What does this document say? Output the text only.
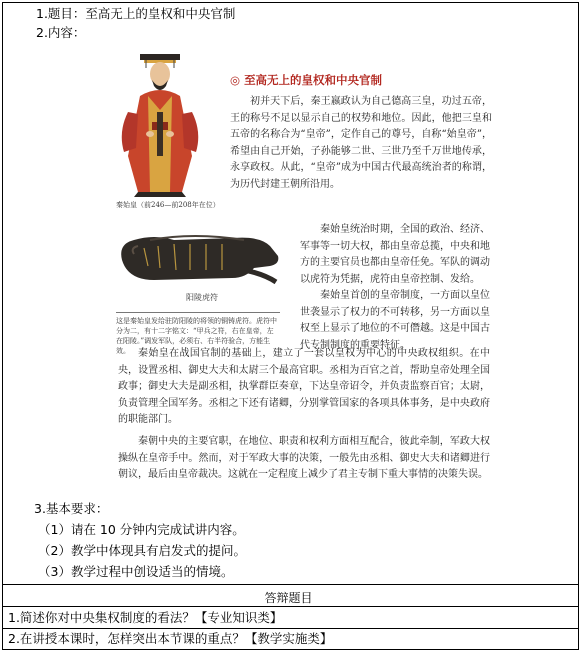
1.题目：至高无上的皇权和中央官制
2.内容：
秦始皇（前246—前208年在位）
◎ 至高无上的皇权和中央官制
初并天下后，秦王嬴政认为自己德高三皇，功过五帝，王的称号不足以显示自己的权势和地位。因此，他把三皇和五帝的名称合为“皇帝”，定作自己的尊号，自称“始皇帝”，希望由自己开始，子孙能够二世、三世乃至千万世地传承，永享政权。从此，“皇帝”成为中国古代最高统治者的称谓，为历代封建王朝所沿用。
阳陵虎符
这是秦始皇发给驻防阳陵的将领的铜铸虎符。虎符中分为二，有十二字铭文：“甲兵之符，右在皇帝，左在阳陵。”调发军队，必须右、右半符验合，方能生效。
秦始皇统治时期，全国的政治、经济、军事等一切大权，都由皇帝总揽，中央和地方的主要官员也都由皇帝任免。军队的调动以虎符为凭据，虎符由皇帝控制、发给。
秦始皇首创的皇帝制度，一方面以皇位世袭显示了权力的不可转移，另一方面以皇权至上显示了地位的不可僭越。这是中国古代专制制度的重要特征。
秦始皇在战国官制的基础上，建立了一套以皇权为中心的中央政权组织。在中央，设置丞相、御史大夫和太尉三个最高官职。丞相为百官之首，帮助皇帝处理全国政事；御史大夫是副丞相，执掌群臣奏章，下达皇帝诏令，并负责监察百官；太尉，负责管理全国军务。丞相之下还有诸卿，分别掌管国家的各项具体事务，是中央政府的职能部门。
秦朝中央的主要官职，在地位、职责和权利方面相互配合，彼此牵制，军政大权操纵在皇帝手中。然而，对于军政大事的决策，一般先由丞相、御史大夫和诸卿进行朝议，最后由皇帝裁决。这就在一定程度上减少了君主专制下重大事情的决策失误。
3.基本要求：
（1）请在 10 分钟内完成试讲内容。
（2）教学中体现具有启发式的提问。
（3）教学过程中创设适当的情境。
答辩题目
1.简述你对中央集权制度的看法？【专业知识类】
2.在讲授本课时，怎样突出本节课的重点？【教学实施类】
